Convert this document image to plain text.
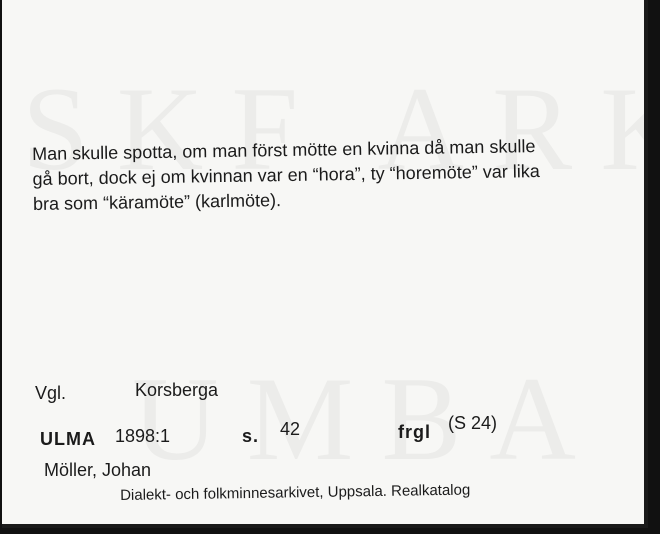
Man skulle spotta, om man först mötte en kvinna då man skulle
gå bort, dock ej om kvinnan var en “hora”, ty “horemöte” var lika
bra som “käramöte” (karlmöte).
Vgl.	Korsberga
ULMA 1898:1	s. 42	frgl (S 24)
Möller, Johan
Dialekt- och folkminnesarkivet, Uppsala. Realkatalog
